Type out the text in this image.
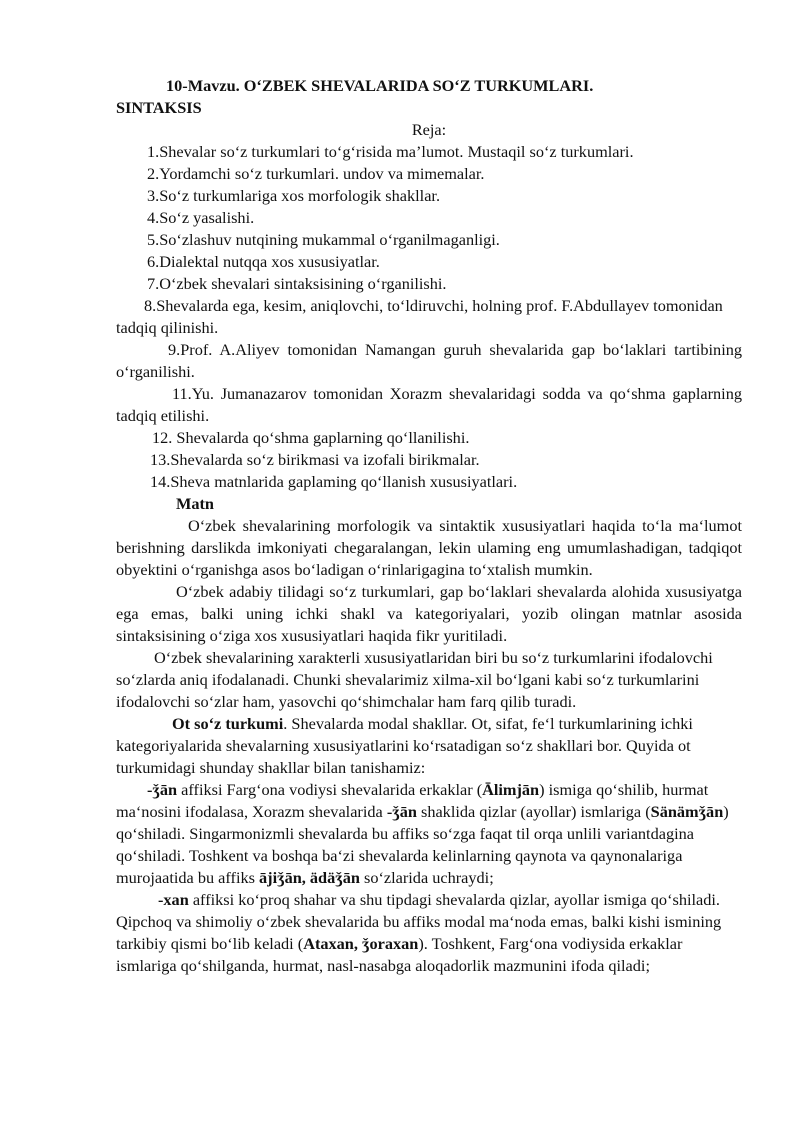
10-Mavzu. O‘ZBEK SHEVALARIDA SO‘Z TURKUMLARI.

SINTAKSIS

Reja:

1.Shevalar so‘z turkumlari to‘g‘risida ma’lumot. Mustaqil so‘z turkumlari.

2.Yordamchi so‘z turkumlari. undov va mimemalar.

3.So‘z turkumlariga xos morfologik shakllar.

4.So‘z yasalishi.

5.So‘zlashuv nutqining mukammal o‘rganilmaganligi.

6.Dialektal nutqqa xos xususiyatlar.

7.O‘zbek shevalari sintaksisining o‘rganilishi.

8.Shevalarda ega, kesim, aniqlovchi, to‘ldiruvchi, holning prof. F.Abdullayev tomonidan tadqiq qilinishi.

9.Prof. A.Aliyev tomonidan Namangan guruh shevalarida gap bo‘laklari tartibining o‘rganilishi.

11.Yu. Jumanazarov tomonidan Xorazm shevalaridagi sodda va qo‘shma gaplarning tadqiq etilishi.

12. Shevalarda qo‘shma gaplarning qo‘llanilishi.

13.Shevalarda so‘z birikmasi va izofali birikmalar.

14.Sheva matnlarida gaplaming qo‘llanish xususiyatlari.

Matn

O‘zbek shevalarining morfologik va sintaktik xususiyatlari haqida to‘la ma‘lumot berishning darslikda imkoniyati chegaralangan, lekin ulaming eng umumlashadigan, tadqiqot obyektini o‘rganishga asos bo‘ladigan o‘rinlarigagina to‘xtalish mumkin.

O‘zbek adabiy tilidagi so‘z turkumlari, gap bo‘laklari shevalarda alohida xususiyatga ega emas, balki uning ichki shakl va kategoriyalari, yozib olingan matnlar asosida sintaksisining o‘ziga xos xususiyatlari haqida fikr yuritiladi.

O‘zbek shevalarining xarakterli xususiyatlaridan biri bu so‘z turkumlarini ifodalovchi so‘zlarda aniq ifodalanadi. Chunki shevalarimiz xilma-xil bo‘lgani kabi so‘z turkumlarini ifodalovchi so‘zlar ham, yasovchi qo‘shimchalar ham farq qilib turadi.

Ot so‘z turkumi. Shevalarda modal shakllar. Ot, sifat, fe‘l turkumlarining ichki kategoriyalarida shevalarning xususiyatlarini ko‘rsatadigan so‘z shakllari bor. Quyida ot turkumidagi shunday shakllar bilan tanishamiz:

-ǯān affiksi Farg‘ona vodiysi shevalarida erkaklar (Ālimjān) ismiga qo‘shilib, hurmat ma‘nosini ifodalasa, Xorazm shevalarida -ǯān shaklida qizlar (ayollar) ismlariga (Sänämǯān) qo‘shiladi. Singarmonizmli shevalarda bu affiks so‘zga faqat til orqa unlili variantdagina qo‘shiladi. Toshkent va boshqa ba‘zi shevalarda kelinlarning qaynota va qaynonalariga murojaatida bu affiks ājiǯān, ädäǯān so‘zlarida uchraydi;

-xan affiksi ko‘proq shahar va shu tipdagi shevalarda qizlar, ayollar ismiga qo‘shiladi. Qipchoq va shimoliy o‘zbek shevalarida bu affiks modal ma‘noda emas, balki kishi ismining tarkibiy qismi bo‘lib keladi (Ataxan, ǯoraxan). Toshkent, Farg‘ona vodiysida erkaklar ismlariga qo‘shilganda, hurmat, nasl-nasabga aloqadorlik mazmunini ifoda qiladi;
